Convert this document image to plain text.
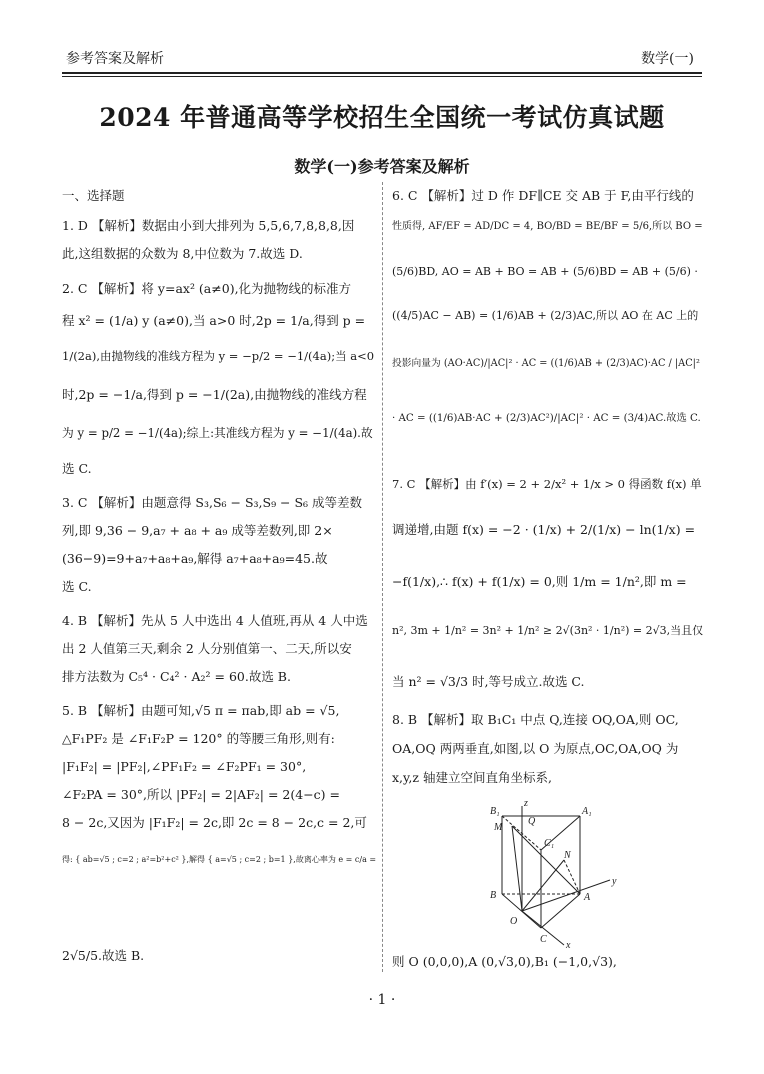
参考答案及解析	数学(一)
2024 年普通高等学校招生全国统一考试仿真试题
数学(一)参考答案及解析
一、选择题
1. D 【解析】数据由小到大排列为 5,5,6,7,8,8,8,因
此,这组数据的众数为 8,中位数为 7.故选 D.
2. C 【解析】将 y=ax² (a≠0),化为抛物线的标准方
程 x² = (1/a) y (a≠0),当 a>0 时,2p = 1/a,得到 p =
1/(2a),由抛物线的准线方程为 y = −p/2 = −1/(4a);当 a<0
时,2p = −1/a,得到 p = −1/(2a),由抛物线的准线方程
为 y = p/2 = −1/(4a);综上:其准线方程为 y = −1/(4a).故
选 C.
3. C 【解析】由题意得 S₃,S₆ − S₃,S₉ − S₆ 成等差数
列,即 9,36 − 9,a₇ + a₈ + a₉ 成等差数列,即 2×
(36−9)=9+a₇+a₈+a₉,解得 a₇+a₈+a₉=45.故
选 C.
4. B 【解析】先从 5 人中选出 4 人值班,再从 4 人中选
出 2 人值第三天,剩余 2 人分别值第一、二天,所以安
排方法数为 C₅⁴ · C₄² · A₂² = 60.故选 B.
5. B 【解析】由题可知,√5 π = πab,即 ab = √5,
△F₁PF₂ 是 ∠F₁F₂P = 120° 的等腰三角形,则有:
|F₁F₂| = |PF₂|,∠PF₁F₂ = ∠F₂PF₁ = 30°,
∠F₂PA = 30°,所以 |PF₂| = 2|AF₂| = 2(4−c) =
8 − 2c,又因为 |F₁F₂| = 2c,即 2c = 8 − 2c,c = 2,可
得: { ab=√5 ; c=2 ; a²=b²+c² },解得 { a=√5 ; c=2 ; b=1 },故离心率为 e = c/a =
2√5/5.故选 B.
6. C 【解析】过 D 作 DF∥CE 交 AB 于 F,由平行线的
性质得, AF/EF = AD/DC = 4, BO/BD = BE/BF = 5/6,所以 BO =
(5/6)BD, AO = AB + BO = AB + (5/6)BD = AB + (5/6) ·
((4/5)AC − AB) = (1/6)AB + (2/3)AC,所以 AO 在 AC 上的
投影向量为 (AO·AC)/|AC|² · AC = ((1/6)AB + (2/3)AC)·AC / |AC|²
· AC = ((1/6)AB·AC + (2/3)AC²)/|AC|² · AC = (3/4)AC.故选 C.
7. C 【解析】由 f′(x) = 2 + 2/x² + 1/x > 0 得函数 f(x) 单
调递增,由题 f(x) = −2 · (1/x) + 2/(1/x) − ln(1/x) =
−f(1/x),∴ f(x) + f(1/x) = 0,则 1/m = 1/n²,即 m =
n², 3m + 1/n² = 3n² + 1/n² ≥ 2√(3n² · 1/n²) = 2√3,当且仅
当 n² = √3/3 时,等号成立.故选 C.
8. B 【解析】取 B₁C₁ 中点 Q,连接 OQ,OA,则 OC,
OA,OQ 两两垂直,如图,以 O 为原点,OC,OA,OQ 为
x,y,z 轴建立空间直角坐标系,
则 O (0,0,0),A (0,√3,0),B₁ (−1,0,√3),
B₁
z
A₁
M
Q
C₁
N
y
B	A
O
C
x
· 1 ·
